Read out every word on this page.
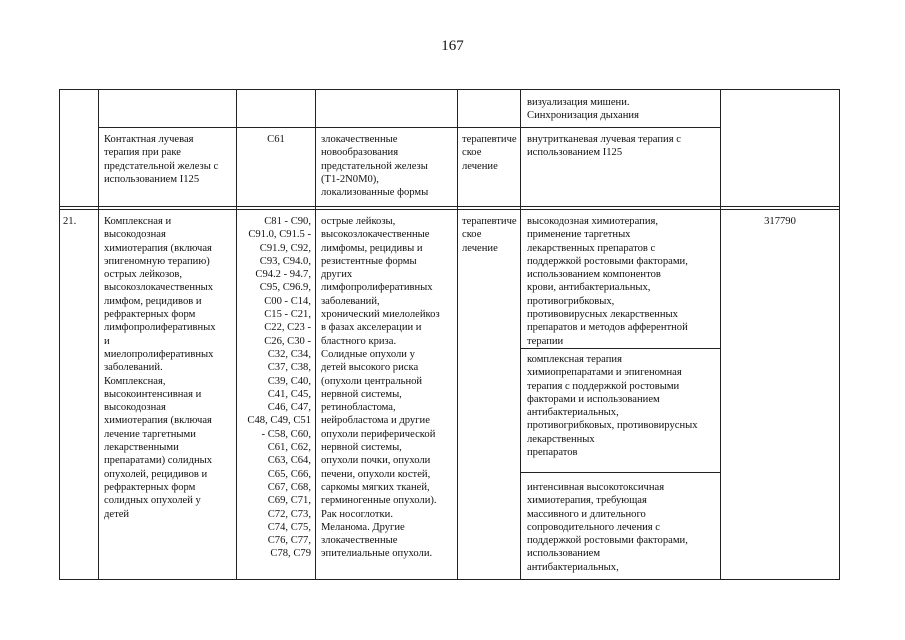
167
визуализация мишени.
Синхронизация дыхания
Контактная лучевая
терапия при раке
предстательной железы с
использованием I125
C61	злокачественные
новообразования
предстательной железы
(T1-2N0M0),
локализованные формы
терапевтиче
ское
лечение
внутритканевая лучевая терапия с
использованием I125
21.	Комплексная и
высокодозная
химиотерапия (включая
эпигеномную терапию)
острых лейкозов,
высокозлокачественных
лимфом, рецидивов и
рефрактерных форм
лимфопролиферативных
и
миелопролиферативных
заболеваний.
Комплексная,
высокоинтенсивная и
высокодозная
химиотерапия (включая
лечение таргетными
лекарственными
препаратами) солидных
опухолей, рецидивов и
рефрактерных форм
солидных опухолей у
детей
C81 - C90,
C91.0, C91.5 -
C91.9, C92,
C93, C94.0,
C94.2 - 94.7,
C95, C96.9,
C00 - C14,
C15 - C21,
C22, C23 -
C26, C30 -
C32, C34,
C37, C38,
C39, C40,
C41, C45,
C46, C47,
C48, C49, C51
- C58, C60,
C61, C62,
C63, C64,
C65, C66,
C67, C68,
C69, C71,
C72, C73,
C74, C75,
C76, C77,
C78, C79
острые лейкозы,
высокозлокачественные
лимфомы, рецидивы и
резистентные формы
других
лимфопролиферативных
заболеваний,
хронический миелолейкоз
в фазах акселерации и
бластного криза.
Солидные опухоли у
детей высокого риска
(опухоли центральной
нервной системы,
ретинобластома,
нейробластома и другие
опухоли периферической
нервной системы,
опухоли почки, опухоли
печени, опухоли костей,
саркомы мягких тканей,
герминогенные опухоли).
Рак носоглотки.
Меланома. Другие
злокачественные
эпителиальные опухоли.
терапевтиче
ское
лечение
высокодозная химиотерапия,
применение таргетных
лекарственных препаратов с
поддержкой ростовыми факторами,
использованием компонентов
крови, антибактериальных,
противогрибковых,
противовирусных лекарственных
препаратов и методов афферентной
терапии
комплексная терапия
химиопрепаратами и эпигеномная
терапия с поддержкой ростовыми
факторами и использованием
антибактериальных,
противогрибковых, противовирусных лекарственных
препаратов
интенсивная высокотоксичная
химиотерапия, требующая
массивного и длительного
сопроводительного лечения с
поддержкой ростовыми факторами,
использованием
антибактериальных,
317790
